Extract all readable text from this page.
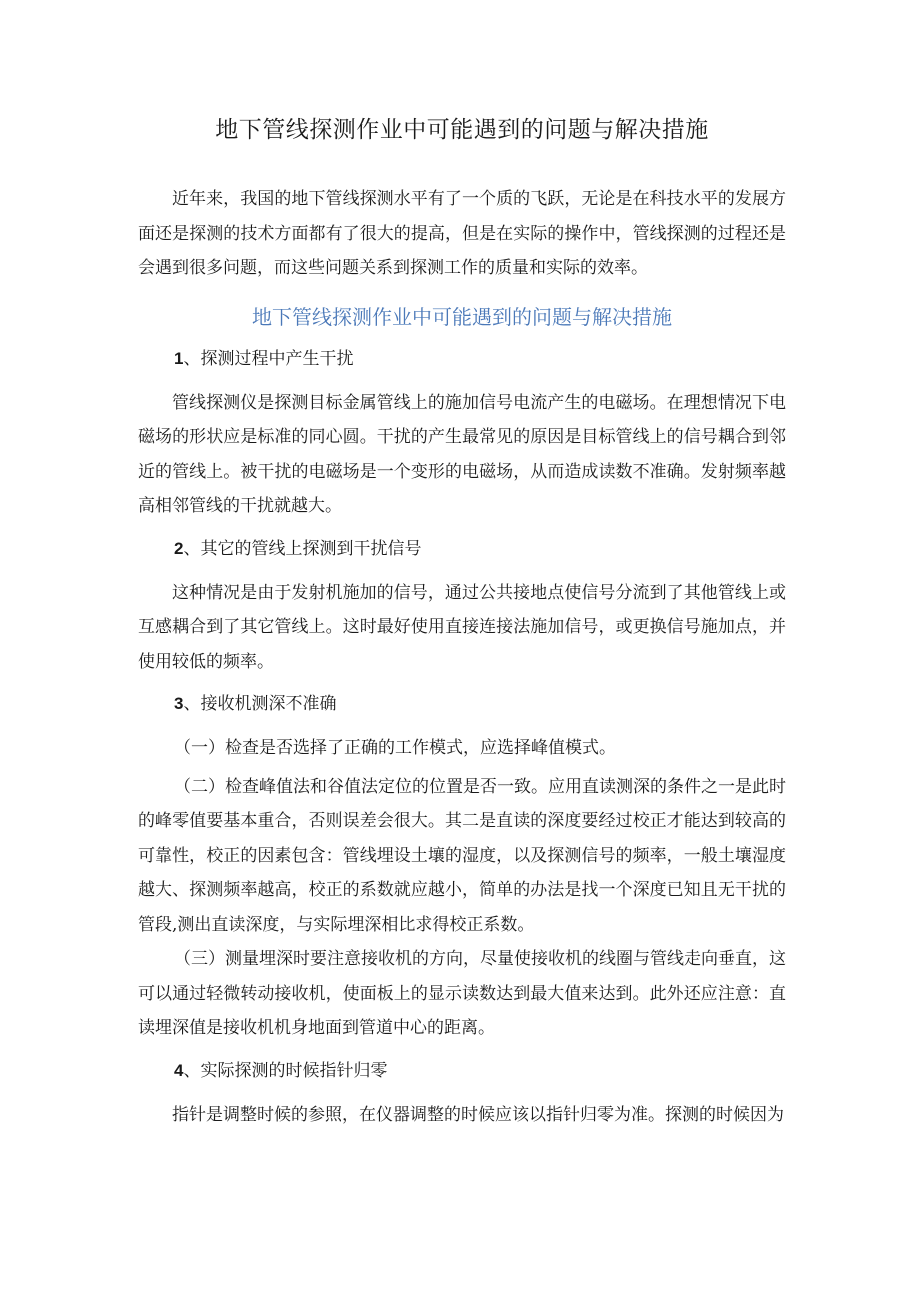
地下管线探测作业中可能遇到的问题与解决措施

近年来，我国的地下管线探测水平有了一个质的飞跃，无论是在科技水平的发展方面还是探测的技术方面都有了很大的提高，但是在实际的操作中，管线探测的过程还是会遇到很多问题，而这些问题关系到探测工作的质量和实际的效率。

地下管线探测作业中可能遇到的问题与解决措施
1、探测过程中产生干扰

管线探测仪是探测目标金属管线上的施加信号电流产生的电磁场。在理想情况下电磁场的形状应是标准的同心圆。干扰的产生最常见的原因是目标管线上的信号耦合到邻近的管线上。被干扰的电磁场是一个变形的电磁场，从而造成读数不准确。发射频率越高相邻管线的干扰就越大。

2、其它的管线上探测到干扰信号

这种情况是由于发射机施加的信号，通过公共接地点使信号分流到了其他管线上或互感耦合到了其它管线上。这时最好使用直接连接法施加信号，或更换信号施加点，并使用较低的频率。

3、接收机测深不准确

（一）检查是否选择了正确的工作模式，应选择峰值模式。

（二）检查峰值法和谷值法定位的位置是否一致。应用直读测深的条件之一是此时的峰零值要基本重合，否则误差会很大。其二是直读的深度要经过校正才能达到较高的可靠性，校正的因素包含：管线埋设土壤的湿度，以及探测信号的频率，一般土壤湿度越大、探测频率越高，校正的系数就应越小，简单的办法是找一个深度已知且无干扰的管段,测出直读深度，与实际埋深相比求得校正系数。

（三）测量埋深时要注意接收机的方向，尽量使接收机的线圈与管线走向垂直，这可以通过轻微转动接收机，使面板上的显示读数达到最大值来达到。此外还应注意：直读埋深值是接收机机身地面到管道中心的距离。

4、实际探测的时候指针归零

指针是调整时候的参照，在仪器调整的时候应该以指针归零为准。探测的时候因为
